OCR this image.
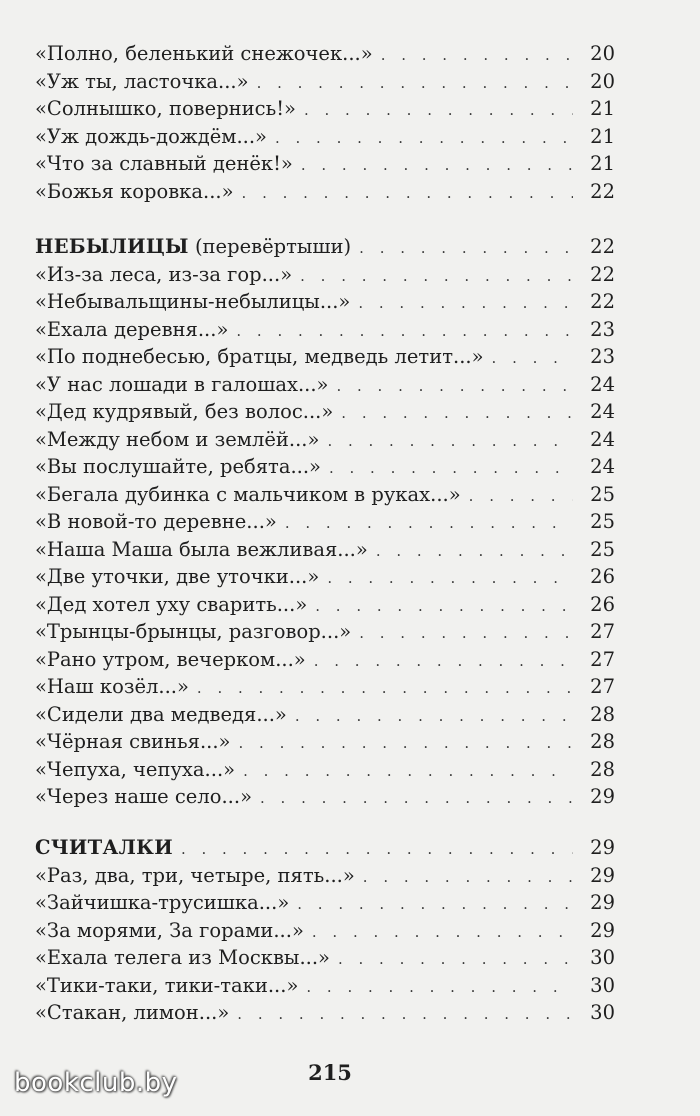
«Полно, беленький снежочек...» . . .	20
«Уж ты, ласточка...» . . .	20
«Солнышко, повернись!» . . .	21
«Уж дождь-дождём...» . . .	21
«Что за славный денёк!» . . .	21
«Божья коровка...» . . .	22
НЕБЫЛИЦЫ (перевёртыши) . . .	22
«Из-за леса, из-за гор...» . . .	22
«Небывальщины-небылицы...» . . .	22
«Ехала деревня...» . . .	23
«По поднебесью, братцы, медведь летит...» . . .	23
«У нас лошади в галошах...» . . .	24
«Дед кудрявый, без волос...» . . .	24
«Между небом и землёй...» . . .	24
«Вы послушайте, ребята...» . . .	24
«Бегала дубинка с мальчиком в руках...» . . .	25
«В новой-то деревне...» . . .	25
«Наша Маша была вежливая...» . . .	25
«Две уточки, две уточки...» . . .	26
«Дед хотел уху сварить...» . . .	26
«Трынцы-брынцы, разговор...» . . .	27
«Рано утром, вечерком...» . . .	27
«Наш козёл...» . . .	27
«Сидели два медведя...» . . .	28
«Чёрная свинья...» . . .	28
«Чепуха, чепуха...» . . .	28
«Через наше село...» . . .	29
СЧИТАЛКИ . . .	29
«Раз, два, три, четыре, пять...» . . .	29
«Зайчишка-трусишка...» . . .	29
«За морями, За горами...» . . .	29
«Ехала телега из Москвы...» . . .	30
«Тики-таки, тики-таки...» . . .	30
«Стакан, лимон...» . . .	30
215
bookclub.by
